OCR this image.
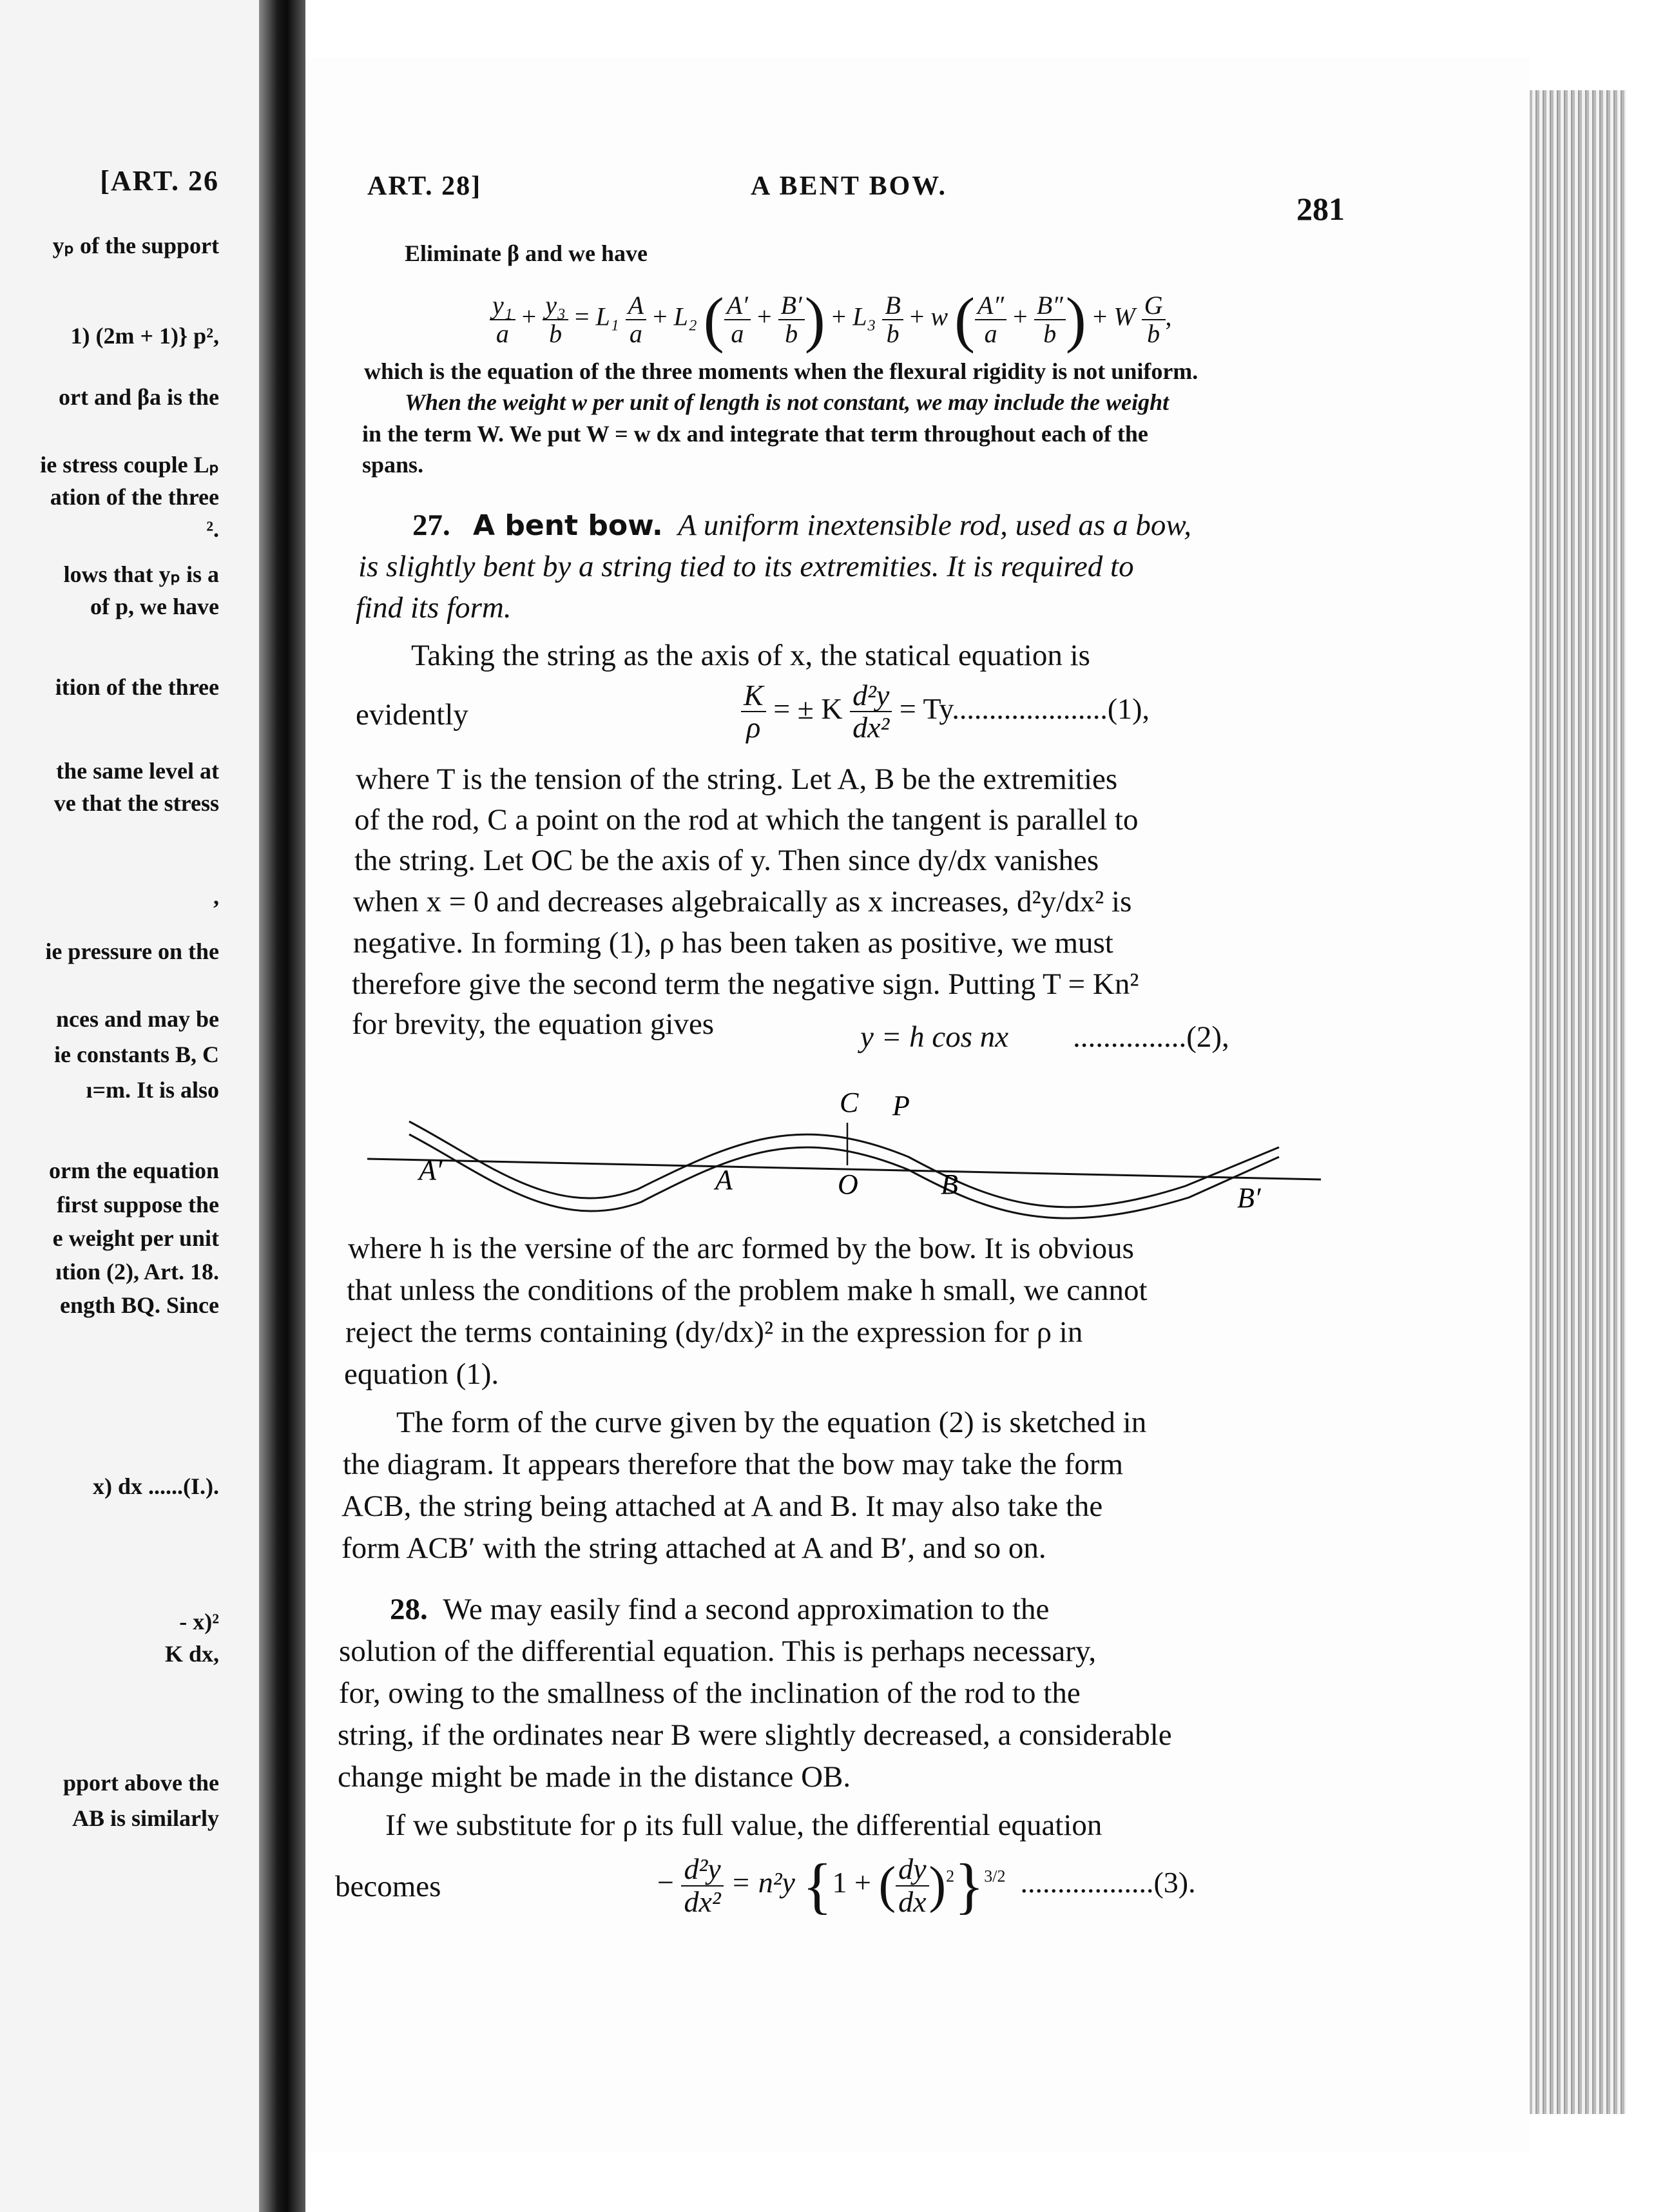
[ART. 26
yₚ of the support
1) (2m + 1)} p²,
ort and βa is the
ie stress couple Lₚ
ation of the three
².
lows that yₚ is a
of p, we have
ition of the three
the same level at
ve that the stress
,
ie pressure on the
nces and may be
ie constants B, C
ı=m. It is also
orm the equation
first suppose the
e weight per unit
ıtion (2), Art. 18.
ength BQ. Since
x) dx ......(I.).
- x)²
K dx,
pport above the
AB is similarly
ART. 28]	A BENT BOW.
281
Eliminate β and we have
$\frac{\text{y₁}}{a} + \frac{\text{y₃}}{b} = L_1 \frac{A}{a} + L_2$ ( $\frac{A'}{a} + \frac{B'}{b}$ ) + $L_3 \frac{B}{b} + w$ ( $\frac{A''}{a} + \frac{B''}{b}$ ) + W $\frac{G}{b}$ ,
which is the equation of the three moments when the flexural rigidity is not uniform.
When the weight w per unit of length is not constant, we may include the weight
in the term W. We put W = w dx and integrate that term throughout each of the
spans.
27. A bent bow. A uniform inextensible rod, used as a bow,
is slightly bent by a string tied to its extremities. It is required to
find its form.
Taking the string as the axis of x, the statical equation is
evidently	$\frac{K}{\rho}$ = ± K $\frac{\text{d²y}}{\text{dx²}} = Ty.....................(1)$,
where T is the tension of the string. Let A, B be the extremities
of the rod, C a point on the rod at which the tangent is parallel to
the string. Let OC be the axis of y. Then since dy/dx vanishes
when x = 0 and decreases algebraically as x increases, d²y/dx² is
negative. In forming (1), ρ has been taken as positive, we must
therefore give the second term the negative sign. Putting T = Kn²
for brevity, the equation gives	y = h cos nx ...............(2),
C P
A′	A	O	B	B′
where h is the versine of the arc formed by the bow. It is obvious
that unless the conditions of the problem make h small, we cannot
reject the terms containing (dy/dx)² in the expression for ρ in
equation (1).
The form of the curve given by the equation (2) is sketched in
the diagram. It appears therefore that the bow may take the form
ACB, the string being attached at A and B. It may also take the
form ACB′ with the string attached at A and B′, and so on.
28. We may easily find a second approximation to the
solution of the differential equation. This is perhaps necessary,
for, owing to the smallness of the inclination of the rod to the
string, if the ordinates near B were slightly decreased, a considerable
change might be made in the distance OB.
If we substitute for ρ its full value, the differential equation
becomes	− $\frac{\text{d²y}}{\text{dx²}} = n^2y$ {1 + ( $\frac{dy}{dx} )^2\}^{3/2}$ ..................(3).
